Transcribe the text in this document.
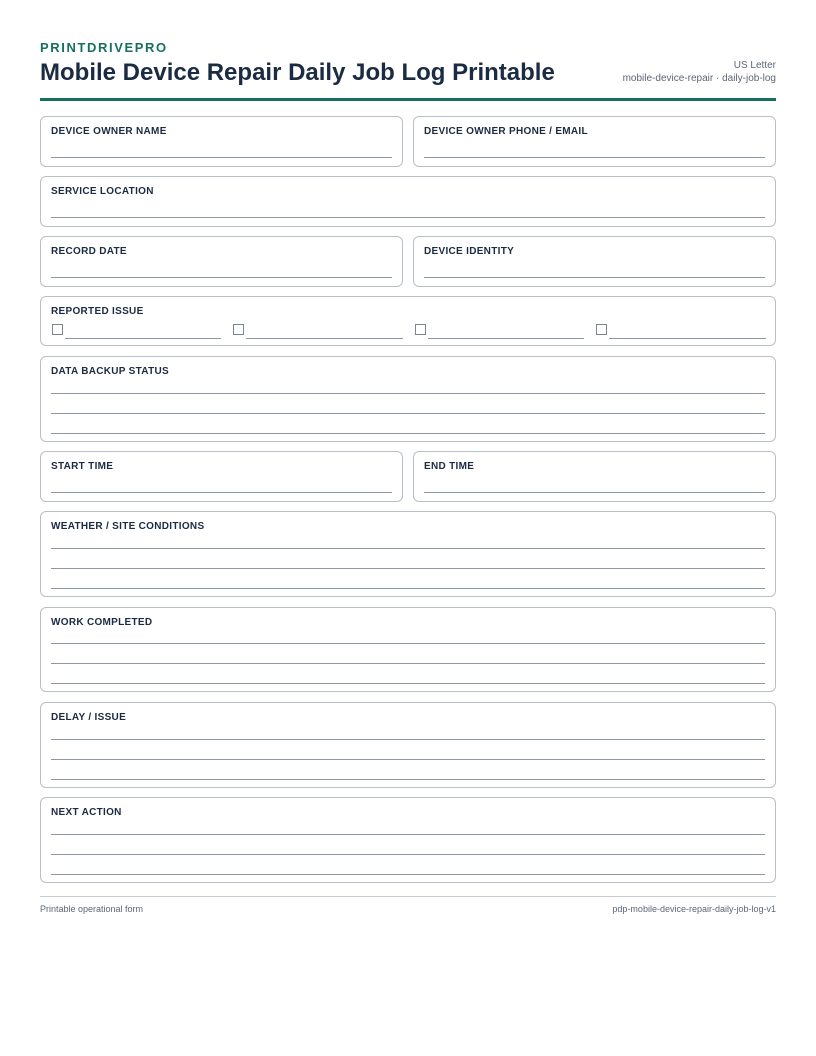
PRINTDRIVEPRO
Mobile Device Repair Daily Job Log Printable	US Letter
mobile-device-repair · daily-job-log
DEVICE OWNER NAME	DEVICE OWNER PHONE / EMAIL
SERVICE LOCATION
RECORD DATE	DEVICE IDENTITY
REPORTED ISSUE
DATA BACKUP STATUS
START TIME	END TIME
WEATHER / SITE CONDITIONS
WORK COMPLETED
DELAY / ISSUE
NEXT ACTION
Printable operational form	pdp-mobile-device-repair-daily-job-log-v1
